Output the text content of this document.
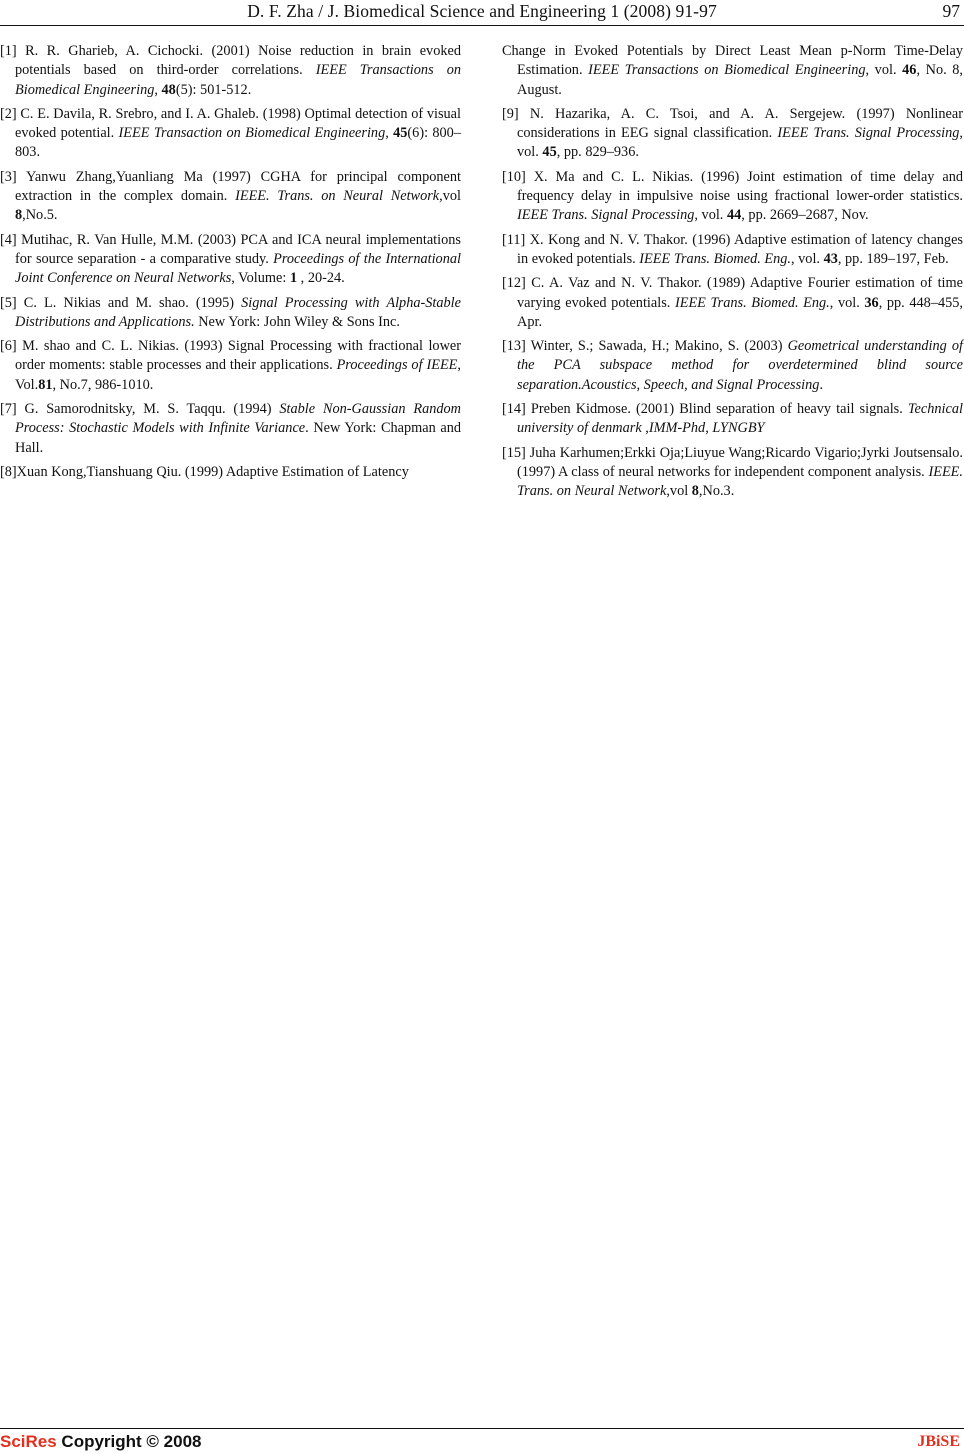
D. F. Zha / J. Biomedical Science and Engineering 1 (2008) 91-97	97

[1] R. R. Gharieb, A. Cichocki. (2001) Noise reduction in brain evoked potentials based on third-order correlations. IEEE Transactions on Biomedical Engineering, 48(5): 501-512.

[2] C. E. Davila, R. Srebro, and I. A. Ghaleb. (1998) Optimal detection of visual evoked potential. IEEE Transaction on Biomedical Engineering, 45(6): 800–803.

[3] Yanwu Zhang,Yuanliang Ma (1997) CGHA for principal component extraction in the complex domain. IEEE. Trans. on Neural Network,vol 8,No.5.

[4] Mutihac, R. Van Hulle, M.M. (2003) PCA and ICA neural implementations for source separation - a comparative study. Proceedings of the International Joint Conference on Neural Networks, Volume: 1 , 20-24.

[5] C. L. Nikias and M. shao. (1995) Signal Processing with Alpha-Stable Distributions and Applications. New York: John Wiley & Sons Inc.

[6] M. shao and C. L. Nikias. (1993) Signal Processing with fractional lower order moments: stable processes and their applications. Proceedings of IEEE, Vol.81, No.7, 986-1010.

[7] G. Samorodnitsky, M. S. Taqqu. (1994) Stable Non-Gaussian Random Process: Stochastic Models with Infinite Variance. New York: Chapman and Hall.

[8]Xuan Kong,Tianshuang Qiu. (1999) Adaptive Estimation of Latency

Change in Evoked Potentials by Direct Least Mean p-Norm Time-Delay Estimation. IEEE Transactions on Biomedical Engineering, vol. 46, No. 8, August.

[9] N. Hazarika, A. C. Tsoi, and A. A. Sergejew. (1997) Nonlinear considerations in EEG signal classification. IEEE Trans. Signal Processing, vol. 45, pp. 829–936.

[10] X. Ma and C. L. Nikias. (1996) Joint estimation of time delay and frequency delay in impulsive noise using fractional lower-order statistics. IEEE Trans. Signal Processing, vol. 44, pp. 2669–2687, Nov.

[11] X. Kong and N. V. Thakor. (1996) Adaptive estimation of latency changes in evoked potentials. IEEE Trans. Biomed. Eng., vol. 43, pp. 189–197, Feb.

[12] C. A. Vaz and N. V. Thakor. (1989) Adaptive Fourier estimation of time varying evoked potentials. IEEE Trans. Biomed. Eng., vol. 36, pp. 448–455, Apr.

[13] Winter, S.; Sawada, H.; Makino, S. (2003) Geometrical understanding of the PCA subspace method for overdetermined blind source separation.Acoustics, Speech, and Signal Processing.

[14] Preben Kidmose. (2001) Blind separation of heavy tail signals. Technical university of denmark ,IMM-Phd, LYNGBY

[15] Juha Karhumen;Erkki Oja;Liuyue Wang;Ricardo Vigario;Jyrki Joutsensalo. (1997) A class of neural networks for independent component analysis. IEEE. Trans. on Neural Network,vol 8,No.3.

SciRes Copyright © 2008	JBiSE
